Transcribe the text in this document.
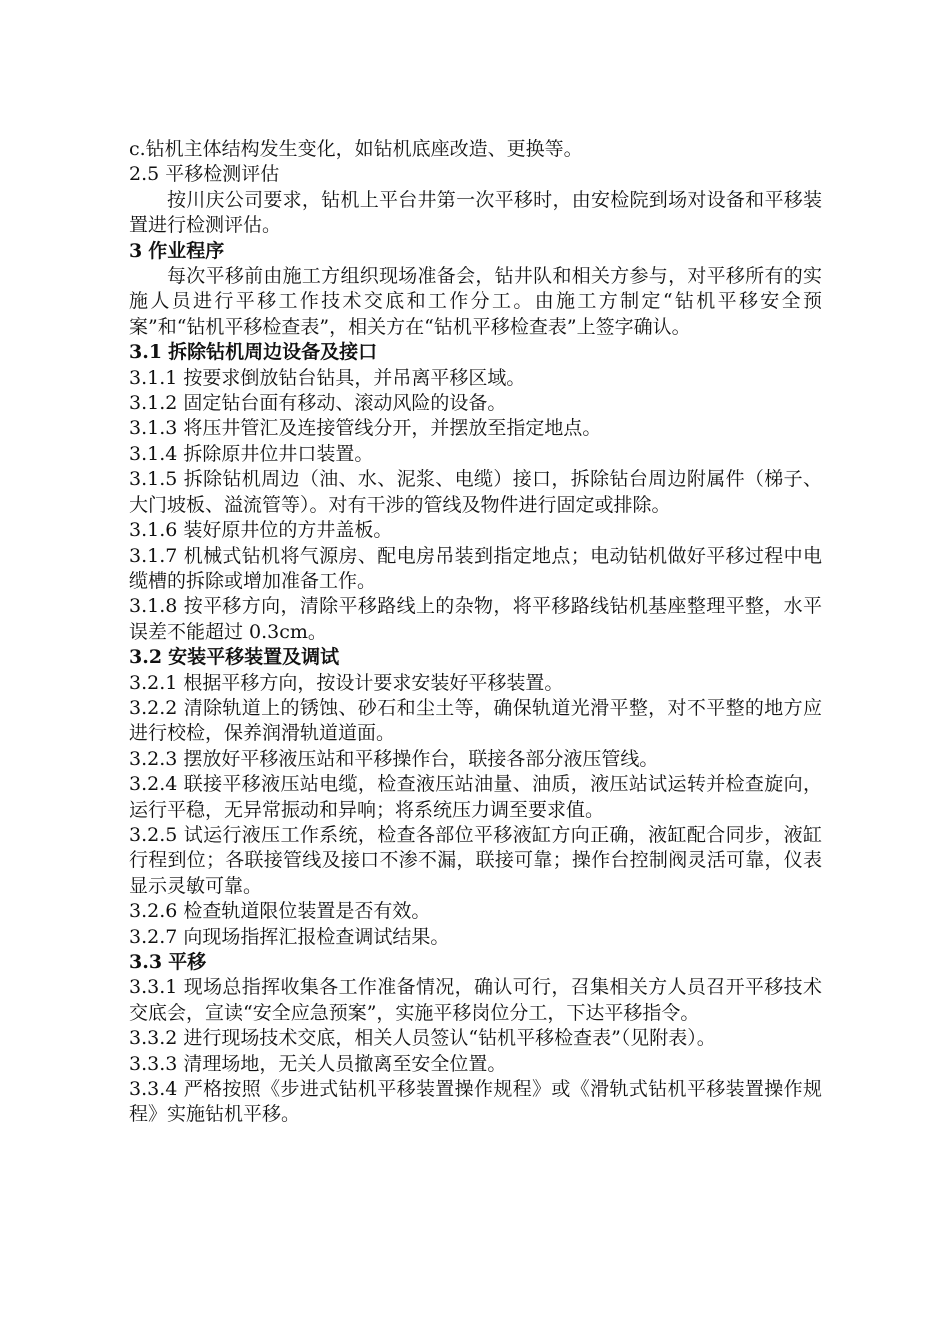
c.钻机主体结构发生变化，如钻机底座改造、更换等。

2.5 平移检测评估

按川庆公司要求，钻机上平台井第一次平移时，由安检院到场对设备和平移装置进行检测评估。

3 作业程序

每次平移前由施工方组织现场准备会，钻井队和相关方参与，对平移所有的实施人员进行平移工作技术交底和工作分工。由施工方制定“钻机平移安全预案”和“钻机平移检查表”，相关方在“钻机平移检查表”上签字确认。

3.1 拆除钻机周边设备及接口

3.1.1 按要求倒放钻台钻具，并吊离平移区域。

3.1.2 固定钻台面有移动、滚动风险的设备。

3.1.3 将压井管汇及连接管线分开，并摆放至指定地点。

3.1.4 拆除原井位井口装置。

3.1.5 拆除钻机周边（油、水、泥浆、电缆）接口，拆除钻台周边附属件（梯子、大门坡板、溢流管等）。对有干涉的管线及物件进行固定或排除。

3.1.6 装好原井位的方井盖板。

3.1.7 机械式钻机将气源房、配电房吊装到指定地点；电动钻机做好平移过程中电缆槽的拆除或增加准备工作。

3.1.8 按平移方向，清除平移路线上的杂物，将平移路线钻机基座整理平整，水平误差不能超过 0.3cm。

3.2 安装平移装置及调试

3.2.1 根据平移方向，按设计要求安装好平移装置。

3.2.2 清除轨道上的锈蚀、砂石和尘土等，确保轨道光滑平整，对不平整的地方应进行校检，保养润滑轨道道面。

3.2.3 摆放好平移液压站和平移操作台，联接各部分液压管线。

3.2.4 联接平移液压站电缆，检查液压站油量、油质，液压站试运转并检查旋向，运行平稳，无异常振动和异响；将系统压力调至要求值。

3.2.5 试运行液压工作系统，检查各部位平移液缸方向正确，液缸配合同步，液缸行程到位；各联接管线及接口不渗不漏，联接可靠；操作台控制阀灵活可靠，仪表显示灵敏可靠。

3.2.6 检查轨道限位装置是否有效。

3.2.7 向现场指挥汇报检查调试结果。

3.3 平移

3.3.1 现场总指挥收集各工作准备情况，确认可行，召集相关方人员召开平移技术交底会，宣读“安全应急预案”，实施平移岗位分工，下达平移指令。

3.3.2 进行现场技术交底，相关人员签认“钻机平移检查表”（见附表）。

3.3.3 清理场地，无关人员撤离至安全位置。

3.3.4 严格按照《步进式钻机平移装置操作规程》或《滑轨式钻机平移装置操作规程》实施钻机平移。
